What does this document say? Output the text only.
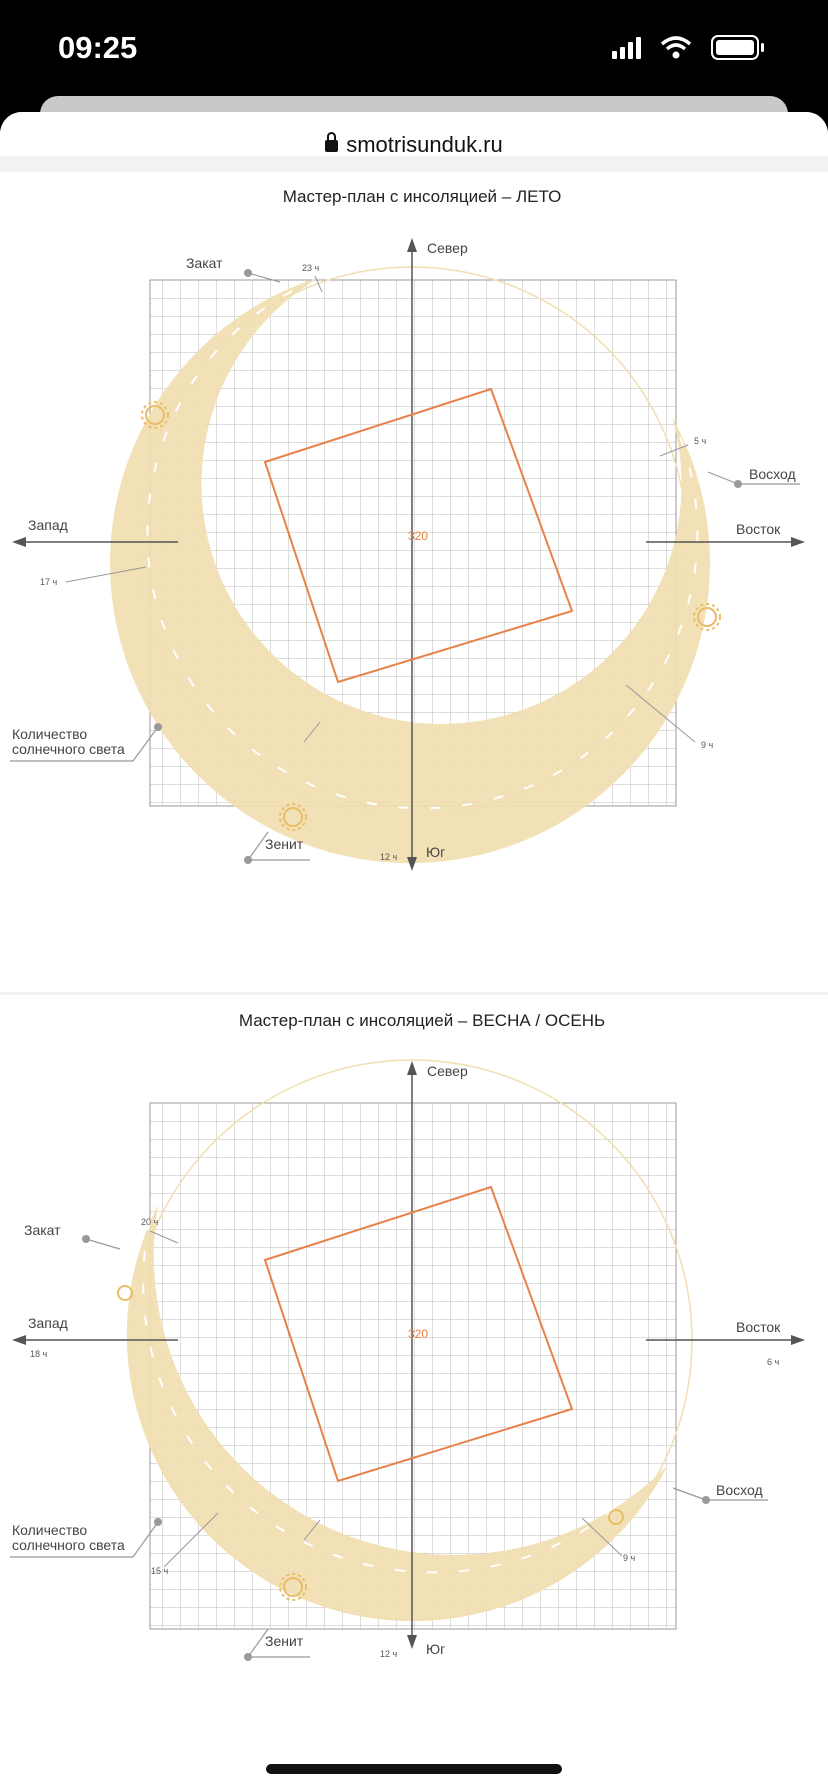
09:25
smotrisunduk.ru
Мастер-план с инсоляцией – ЛЕТО
320
Север
Юг
Запад	Восток
Закат
Восход
Зенит
Количество
солнечного света
23 ч
5 ч
17 ч
9 ч
12 ч
Мастер-план с инсоляцией – ВЕСНА / ОСЕНЬ
320
Север
Юг
Запад	Восток
Закат
Восход
Зенит
Количество
солнечного света
20 ч
18 ч
6 ч
15 ч
9 ч
12 ч
